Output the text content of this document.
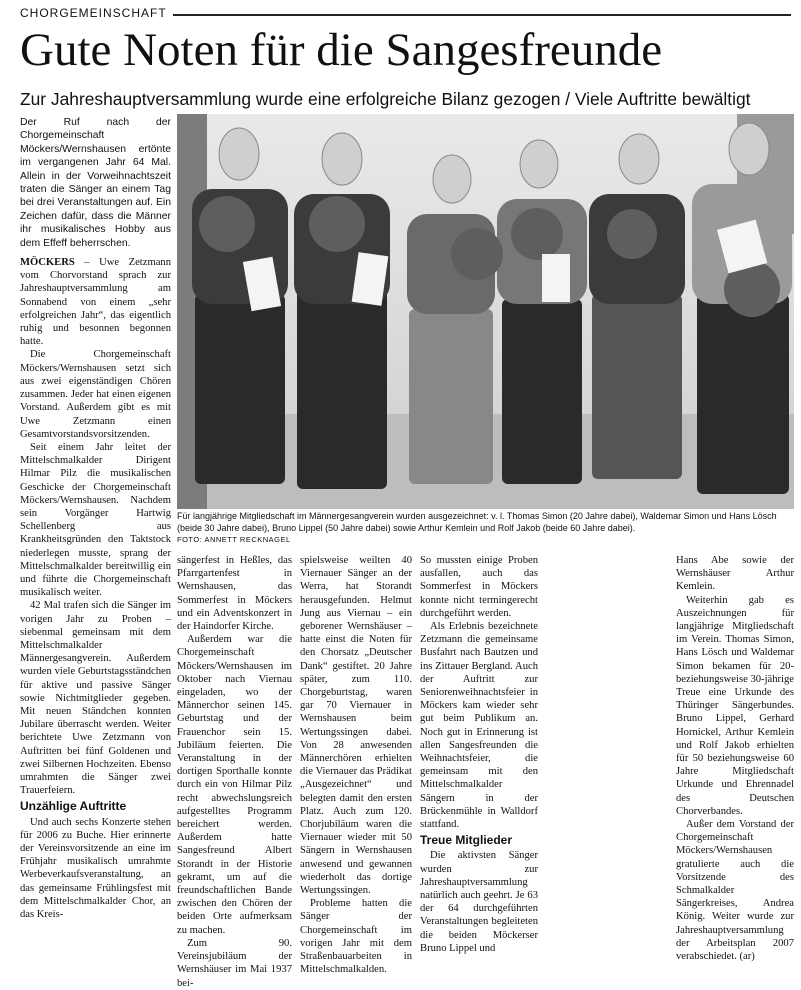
CHORGEMEINSCHAFT
Gute Noten für die Sangesfreunde
Zur Jahreshauptversammlung wurde eine erfolgreiche Bilanz gezogen / Viele Auftritte bewältigt

Der Ruf nach der Chorgemeinschaft Möckers/Wernshausen ertönte im vergangenen Jahr 64 Mal. Allein in der Vorweihnachtszeit traten die Sänger an einem Tag bei drei Veranstaltungen auf. Ein Zeichen dafür, dass die Männer ihr musikalisches Hobby aus dem Effeff beherrschen.

MÖCKERS – Uwe Zetzmann vom Chorvorstand sprach zur Jahreshauptversammlung am Sonnabend von einem „sehr erfolgreichen Jahr“, das eigentlich ruhig und besonnen begonnen hatte.

Die Chorgemeinschaft Möckers/Wernshausen setzt sich aus zwei eigenständigen Chören zusammen. Jeder hat einen eigenen Vorstand. Außerdem gibt es mit Uwe Zetzmann einen Gesamtvorstandsvorsitzenden.

Seit einem Jahr leitet der Mittelschmalkalder Dirigent Hilmar Pilz die musikalischen Geschicke der Chorgemeinschaft Möckers/Wernshausen. Nachdem sein Vorgänger Hartwig Schellenberg aus Krankheitsgründen den Taktstock niederlegen musste, sprang der Mittelschmalkalder bereitwillig ein und führte die Chorgemeinschaft musikalisch weiter.

42 Mal trafen sich die Sänger im vorigen Jahr zu Proben – siebenmal gemeinsam mit dem Mittelschmalkalder Männergesangverein. Außerdem wurden viele Geburtstagsständchen für aktive und passive Sänger sowie Nichtmitglieder gegeben. Mit neuen Ständchen konnten Jubilare überrascht werden. Weiter berichtete Uwe Zetzmann von Auftritten bei fünf Goldenen und zwei Silbernen Hochzeiten. Ebenso umrahmten die Sänger zwei Trauerfeiern.

Unzählige Auftritte

Und auch sechs Konzerte stehen für 2006 zu Buche. Hier erinnerte der Vereinsvorsitzende an eine im Frühjahr musikalisch umrahmte Werbeverkaufsveranstaltung, an das gemeinsame Frühlingsfest mit dem Mittelschmalkalder Chor, an das Kreis-

Für langjährige Mitgliedschaft im Männergesangverein wurden ausgezeichnet: v. l. Thomas Simon (20 Jahre dabei), Waldemar Simon und Hans Lösch (beide 30 Jahre dabei), Bruno Lippel (50 Jahre dabei) sowie Arthur Kemlein und Rolf Jakob (beide 60 Jahre dabei).
FOTO: ANNETT RECKNAGEL

sängerfest in Heßles, das Pfarrgartenfest in Wernshausen, das Sommerfest in Möckers und ein Adventskonzert in der Haindorfer Kirche.

Außerdem war die Chorgemeinschaft Möckers/Wernshausen im Oktober nach Viernau eingeladen, wo der Männerchor seinen 145. Geburtstag und der Frauenchor sein 15. Jubiläum feierten. Die Veranstaltung in der dortigen Sporthalle konnte durch ein von Hilmar Pilz recht abwechslungsreich aufgestelltes Programm bereichert werden. Außerdem hatte Sangesfreund Albert Storandt in der Historie gekramt, um auf die freundschaftlichen Bande zwischen den Chören der beiden Orte aufmerksam zu machen.

Zum 90. Vereinsjubiläum der Wernshäuser im Mai 1937 bei-

spielsweise weilten 40 Viernauer Sänger an der Werra, hat Storandt herausgefunden. Helmut Jung aus Viernau – ein geborener Wernshäuser – hatte einst die Noten für den Chorsatz „Deutscher Dank“ gestiftet. 20 Jahre später, zum 110. Chorgeburtstag, waren gar 70 Viernauer in Wernshausen beim Wertungssingen dabei. Von 28 anwesenden Männerchören erhielten die Viernauer das Prädikat „Ausgezeichnet“ und belegten damit den ersten Platz. Auch zum 120. Chorjubiläum waren die Viernauer wieder mit 50 Sängern in Wernshausen anwesend und gewannen wiederholt das dortige Wertungssingen.

Probleme hatten die Sänger der Chorgemeinschaft im vorigen Jahr mit dem Straßenbauarbeiten in Mittelschmalkalden.

So mussten einige Proben ausfallen, auch das Sommerfest in Möckers konnte nicht termingerecht durchgeführt werden.

Als Erlebnis bezeichnete Zetzmann die gemeinsame Busfahrt nach Bautzen und ins Zittauer Bergland. Auch der Auftritt zur Seniorenweihnachtsfeier in Möckers kam wieder sehr gut beim Publikum an. Noch gut in Erinnerung ist allen Sangesfreunden die Weihnachtsfeier, die gemeinsam mit den Mittelschmalkalder Sängern in der Brückenmühle in Walldorf stattfand.

Treue Mitglieder

Die aktivsten Sänger wurden zur Jahreshauptversammlung natürlich auch geehrt. Je 63 der 64 durchgeführten Veranstaltungen begleiteten die beiden Möckerser Bruno Lippel und

Hans Abe sowie der Wernshäuser Arthur Kemlein.

Weiterhin gab es Auszeichnungen für langjährige Mitgliedschaft im Verein. Thomas Simon, Hans Lösch und Waldemar Simon bekamen für 20-beziehungsweise 30-jährige Treue eine Urkunde des Thüringer Sängerbundes. Bruno Lippel, Gerhard Hornickel, Arthur Kemlein und Rolf Jakob erhielten für 50 beziehungsweise 60 Jahre Mitgliedschaft Urkunde und Ehrennadel des Deutschen Chorverbandes.

Außer dem Vorstand der Chorgemeinschaft Möckers/Wernshausen gratulierte auch die Vorsitzende des Schmalkalder Sängerkreises, Andrea König. Weiter wurde zur Jahreshauptversammlung der Arbeitsplan 2007 verabschiedet. (ar)
